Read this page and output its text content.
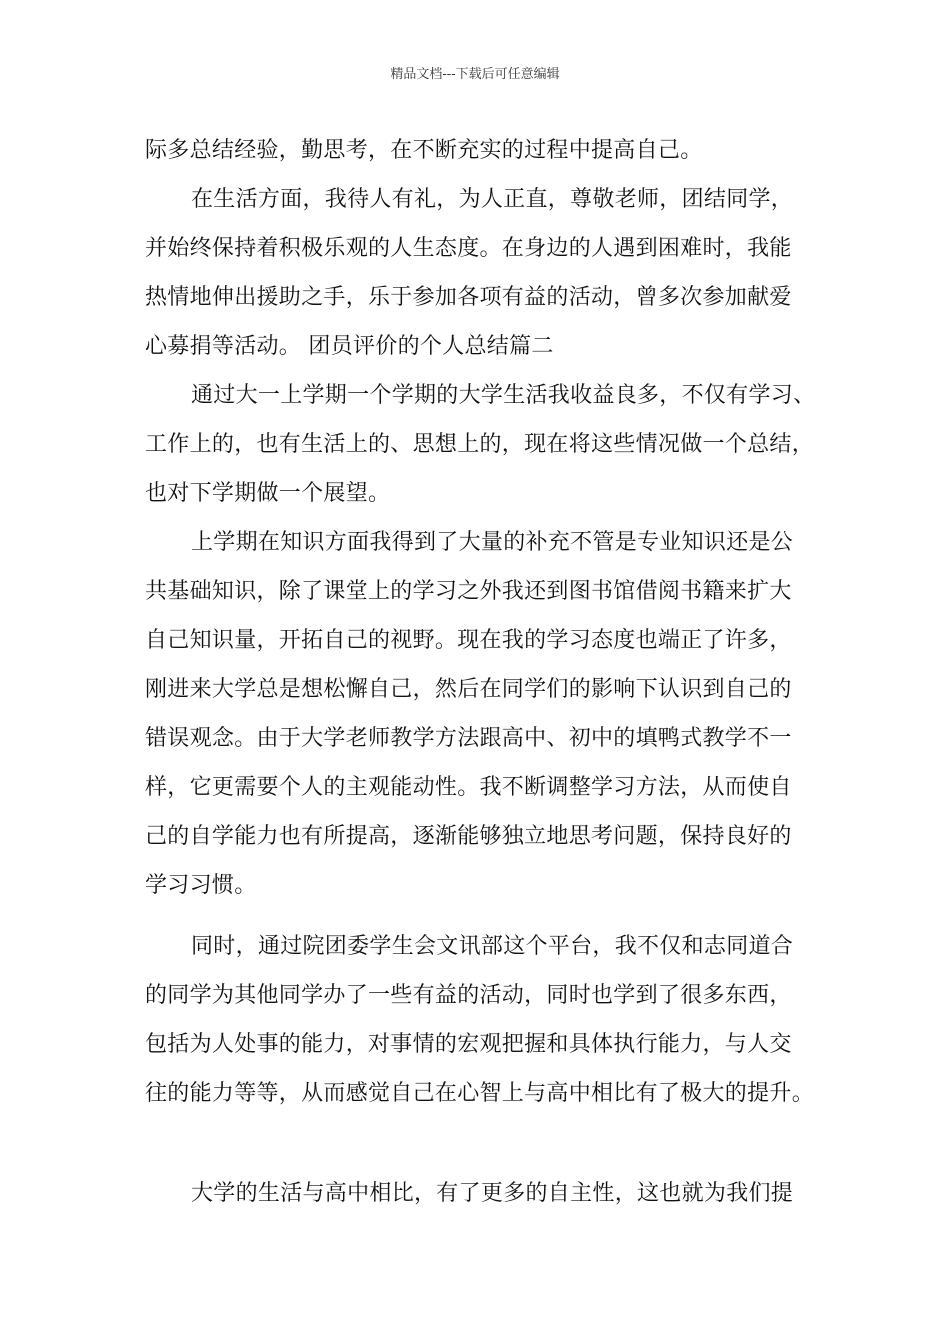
精品文档---下载后可任意编辑
际多总结经验，勤思考，在不断充实的过程中提高自己。
在生活方面，我待人有礼，为人正直，尊敬老师，团结同学，
并始终保持着积极乐观的人生态度。在身边的人遇到困难时，我能
热情地伸出援助之手，乐于参加各项有益的活动，曾多次参加献爱
心募捐等活动。 团员评价的个人总结篇二
通过大一上学期一个学期的大学生活我收益良多，不仅有学习、
工作上的，也有生活上的、思想上的，现在将这些情况做一个总结，
也对下学期做一个展望。
上学期在知识方面我得到了大量的补充不管是专业知识还是公
共基础知识，除了课堂上的学习之外我还到图书馆借阅书籍来扩大
自己知识量，开拓自己的视野。现在我的学习态度也端正了许多，
刚进来大学总是想松懈自己，然后在同学们的影响下认识到自己的
错误观念。由于大学老师教学方法跟高中、初中的填鸭式教学不一
样，它更需要个人的主观能动性。我不断调整学习方法，从而使自
己的自学能力也有所提高，逐渐能够独立地思考问题，保持良好的
学习习惯。
同时，通过院团委学生会文讯部这个平台，我不仅和志同道合
的同学为其他同学办了一些有益的活动，同时也学到了很多东西，
包括为人处事的能力，对事情的宏观把握和具体执行能力，与人交
往的能力等等，从而感觉自己在心智上与高中相比有了极大的提升。
大学的生活与高中相比，有了更多的自主性，这也就为我们提
